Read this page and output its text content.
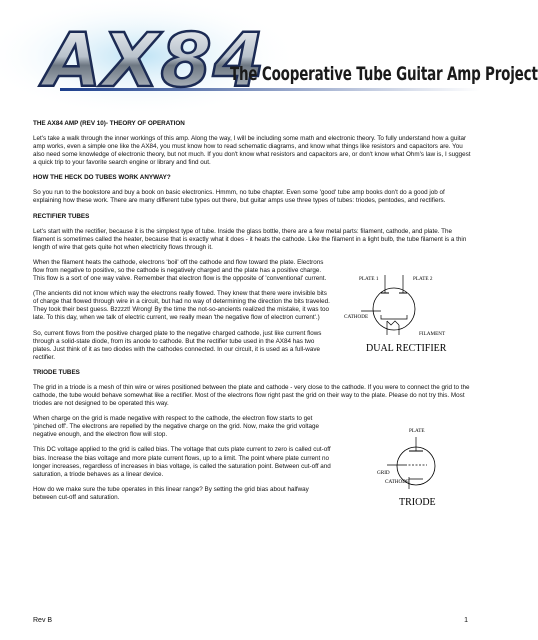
AX84
The Cooperative Tube Guitar Amp Project
THE AX84 AMP (REV 10)- THEORY OF OPERATION

Let's take a walk through the inner workings of this amp. Along the way, I will be including some math and electronic theory. To fully understand how a guitar amp works, even a simple one like the AX84, you must know how to read schematic diagrams, and know what things like resistors and capacitors are. You also need some knowledge of electronic theory, but not much. If you don't know what resistors and capacitors are, or don't know what Ohm's law is, I suggest a quick trip to your favorite search engine or library and find out.

HOW THE HECK DO TUBES WORK ANYWAY?

So you run to the bookstore and buy a book on basic electronics. Hmmm, no tube chapter. Even some 'good' tube amp books don't do a good job of explaining how these work. There are many different tube types out there, but guitar amps use three types of tubes: triodes, pentodes, and rectifiers.

RECTIFIER TUBES

Let's start with the rectifier, because it is the simplest type of tube. Inside the glass bottle, there are a few metal parts: filament, cathode, and plate. The filament is sometimes called the heater, because that is exactly what it does - it heats the cathode. Like the filament in a light bulb, the tube filament is a thin length of wire that gets quite hot when electricity flows through it.

When the filament heats the cathode, electrons 'boil' off the cathode and flow toward the plate. Electrons flow from negative to positive, so the cathode is negatively charged and the plate has a positive charge. This flow is a sort of one way valve. Remember that electron flow is the opposite of 'conventional' current.

(The ancients did not know which way the electrons really flowed. They knew that there were invisible bits of charge that flowed through wire in a circuit, but had no way of determining the direction the bits traveled. They took their best guess. Bzzzzt! Wrong! By the time the not-so-ancients realized the mistake, it was too late. To this day, when we talk of electric current, we really mean 'the negative flow of electron current'.)

So, current flows from the positive charged plate to the negative charged cathode, just like current flows through a solid-state diode, from its anode to cathode. But the rectifier tube used in the AX84 has two plates. Just think of it as two diodes with the cathodes connected. In our circuit, it is used as a full-wave rectifier.

PLATE 1	PLATE 2
CATHODE
FILAMENT
DUAL RECTIFIER
TRIODE TUBES

The grid in a triode is a mesh of thin wire or wires positioned between the plate and cathode - very close to the cathode. If you were to connect the grid to the cathode, the tube would behave somewhat like a rectifier. Most of the electrons flow right past the grid on their way to the plate. Please do not try this. Most triodes are not designed to be operated this way.

When charge on the grid is made negative with respect to the cathode, the electron flow starts to get 'pinched off'. The electrons are repelled by the negative charge on the grid. Now, make the grid voltage negative enough, and the electron flow will stop.

This DC voltage applied to the grid is called bias. The voltage that cuts plate current to zero is called cut-off bias. Increase the bias voltage and more plate current flows, up to a limit. The point where plate current no longer increases, regardless of increases in bias voltage, is called the saturation point. Between cut-off and saturation, a triode behaves as a linear device.

How do we make sure the tube operates in this linear range? By setting the grid bias about halfway between cut-off and saturation.

PLATE
GRID
CATHODE
TRIODE
Rev B	1
